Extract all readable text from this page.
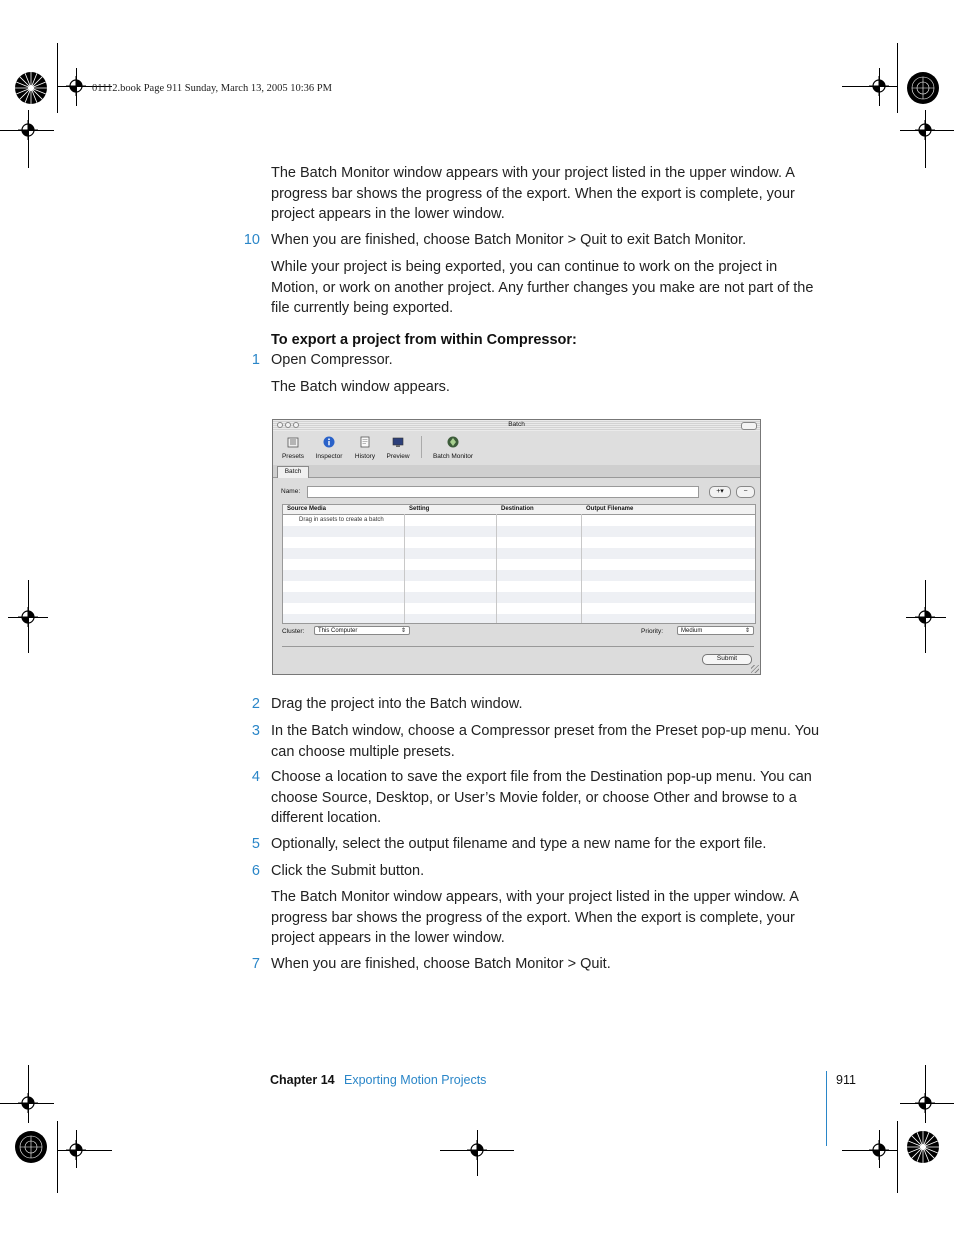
01112.book Page 911 Sunday, March 13, 2005 10:36 PM
The Batch Monitor window appears with your project listed in the upper window. A progress bar shows the progress of the export. When the export is complete, your project appears in the lower window.
10 When you are finished, choose Batch Monitor > Quit to exit Batch Monitor.
While your project is being exported, you can continue to work on the project in Motion, or work on another project. Any further changes you make are not part of the file currently being exported.
To export a project from within Compressor:
1 Open Compressor.
The Batch window appears.
Batch
Presets	Inspector	History	Preview	Batch Monitor
Batch
Name:	+▾	−
Source Media	Setting	Destination	Output Filename
Drag in assets to create a batch
Cluster:	This Computer	⇕	Priority:	Medium	⇕
Submit
2 Drag the project into the Batch window.
3 In the Batch window, choose a Compressor preset from the Preset pop-up menu. You can choose multiple presets.
4 Choose a location to save the export file from the Destination pop-up menu. You can choose Source, Desktop, or User’s Movie folder, or choose Other and browse to a different location.
5 Optionally, select the output filename and type a new name for the export file.
6 Click the Submit button.
The Batch Monitor window appears, with your project listed in the upper window. A progress bar shows the progress of the export. When the export is complete, your project appears in the lower window.
7 When you are finished, choose Batch Monitor > Quit.
Chapter 14 Exporting Motion Projects	911
